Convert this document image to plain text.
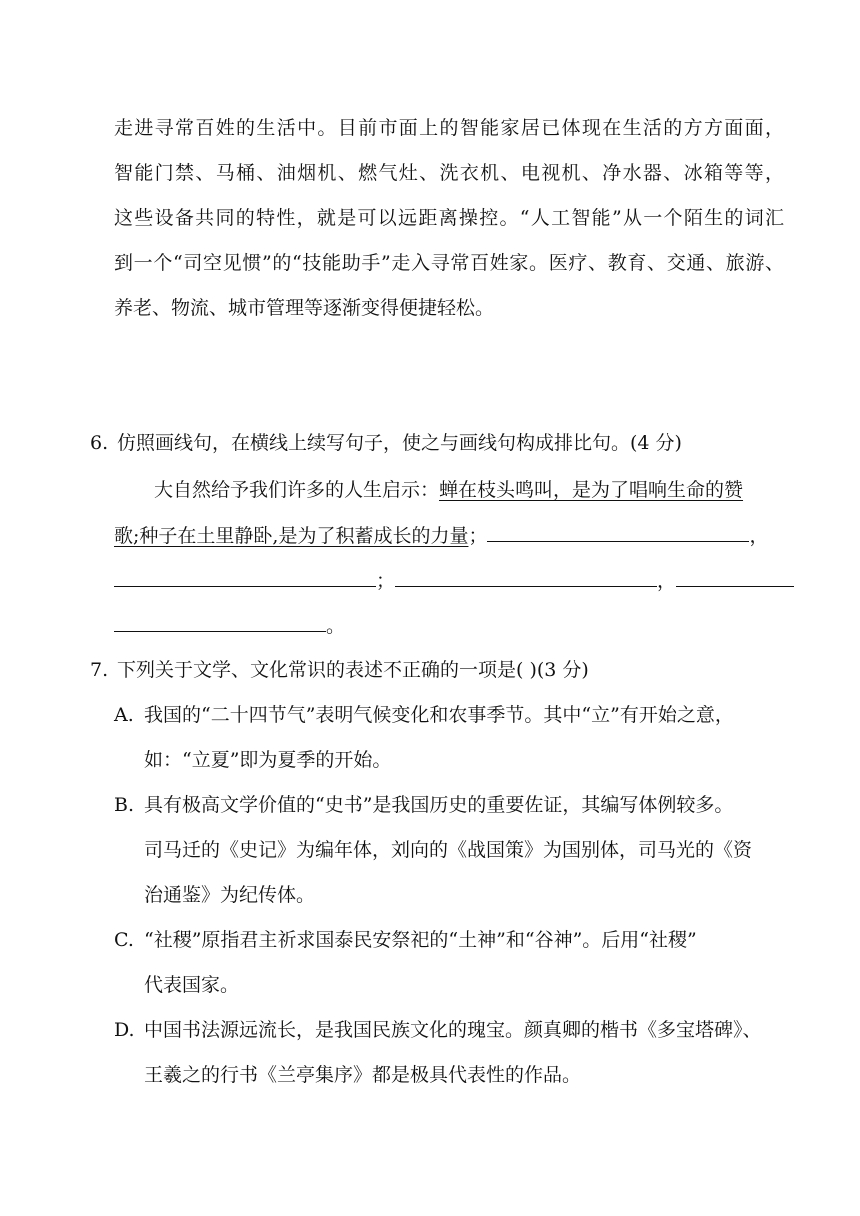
走进寻常百姓的生活中。目前市面上的智能家居已体现在生活的方方面面，
智能门禁、马桶、油烟机、燃气灶、洗衣机、电视机、净水器、冰箱等等，
这些设备共同的特性，就是可以远距离操控。“人工智能”从一个陌生的词汇
到一个“司空见惯”的“技能助手”走入寻常百姓家。医疗、教育、交通、旅游、
养老、物流、城市管理等逐渐变得便捷轻松。
6. 仿照画线句，在横线上续写句子，使之与画线句构成排比句。(4 分)
大自然给予我们许多的人生启示：蝉在枝头鸣叫，是为了唱响生命的赞
歌;种子在土里静卧,是为了积蓄成长的力量；	，
；	，
。
7. 下列关于文学、文化常识的表述不正确的一项是( )(3 分)
A. 我国的“二十四节气”表明气候变化和农事季节。其中“立”有开始之意，
如：“立夏”即为夏季的开始。
B. 具有极高文学价值的“史书”是我国历史的重要佐证，其编写体例较多。
司马迁的《史记》为编年体，刘向的《战国策》为国别体，司马光的《资
治通鉴》为纪传体。
C. “社稷”原指君主祈求国泰民安祭祀的“土神”和“谷神”。后用“社稷”
代表国家。
D. 中国书法源远流长，是我国民族文化的瑰宝。颜真卿的楷书《多宝塔碑》、
王羲之的行书《兰亭集序》都是极具代表性的作品。
